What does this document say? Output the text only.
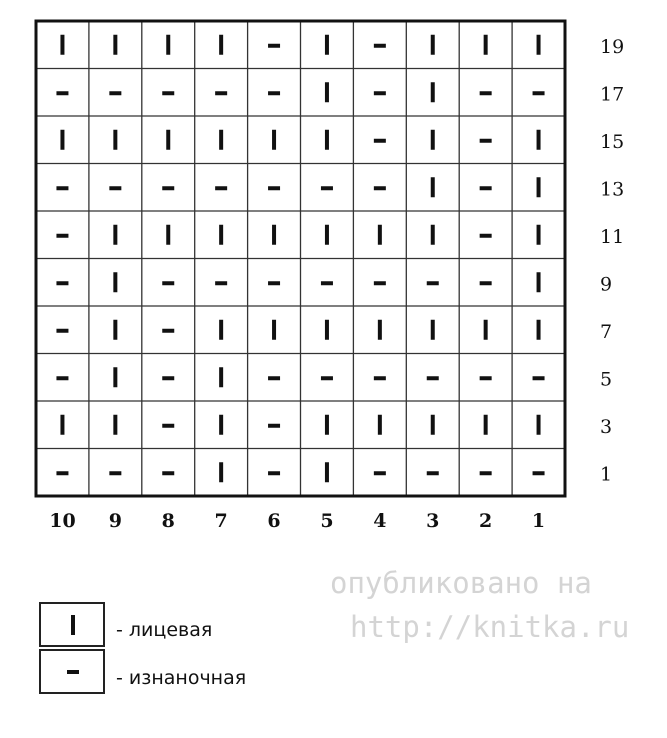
19
17
15
13
11
9
7
5
3
1
10 9 8 7 6 5 4 3 2 1
опубликовано на
http://knitka.ru
- лицевая
- изнаночная
